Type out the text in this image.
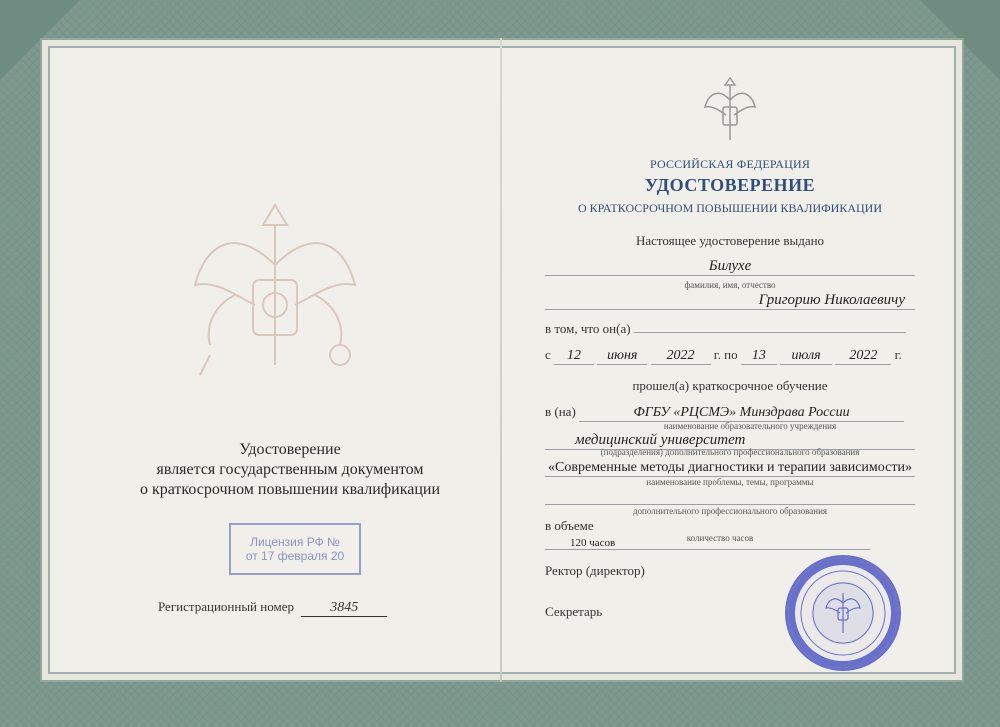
Удостоверение
является государственным документом
о краткосрочном повышении квалификации
Лицензия РФ №
от 17 февраля 20
Регистрационный номер	3845
РОССИЙСКАЯ ФЕДЕРАЦИЯ
УДОСТОВЕРЕНИЕ
О КРАТКОСРОЧНОМ ПОВЫШЕНИИ КВАЛИФИКАЦИИ
Настоящее удостоверение выдано
Билухе
фамилия, имя, отчество
Григорию Николаевичу
в том, что он(а)
с 12 июня 2022 г. по 13 июля 2022 г.
прошел(а) краткосрочное обучение
в (на)	ФГБУ «РЦСМЭ» Минздрава России
наименование образовательного учреждения
медицинский университет
(подразделения) дополнительного профессионального образования
«Современные методы диагностики и терапии зависимости»
наименование проблемы, темы, программы
дополнительного профессионального образования
в объеме 120 часов	количество часов
Ректор (директор)
Секретарь
